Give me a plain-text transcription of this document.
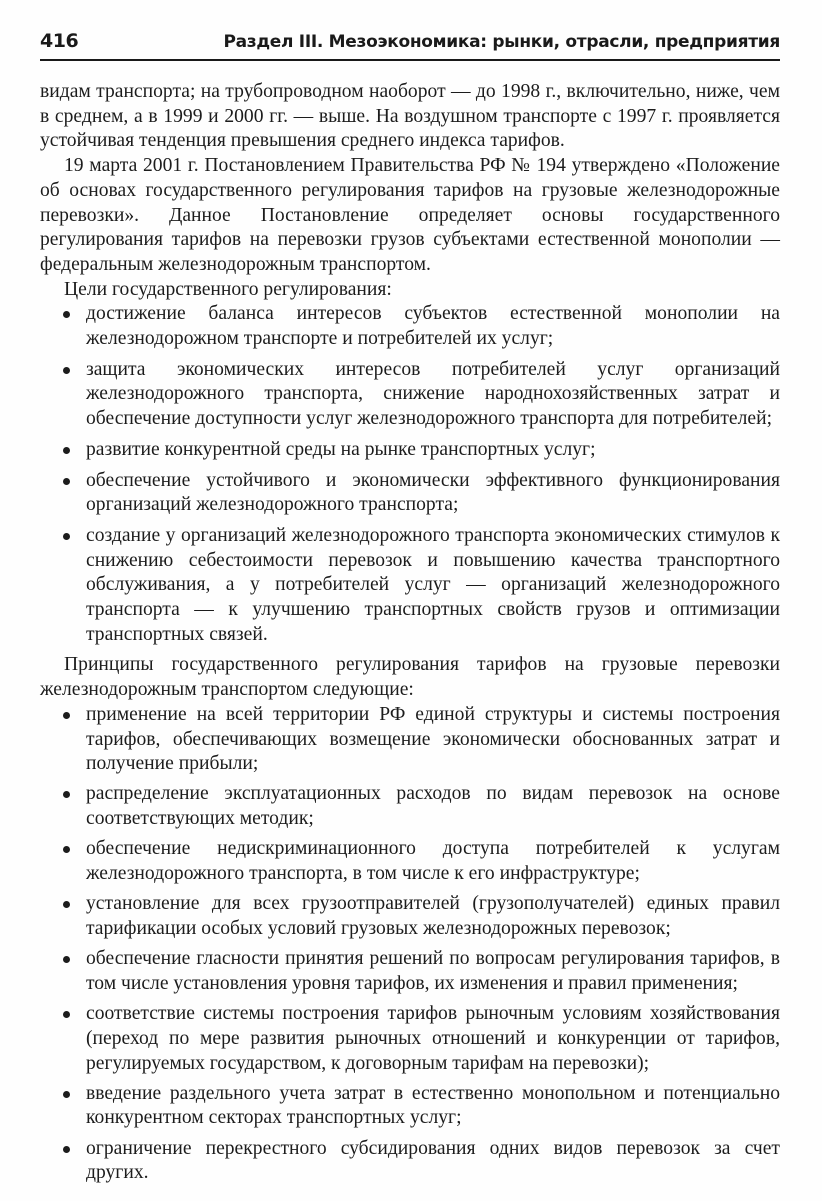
416	Раздел III. Мезоэкономика: рынки, отрасли, предприятия

видам транспорта; на трубопроводном наоборот — до 1998 г., включительно, ниже, чем в среднем, а в 1999 и 2000 гг. — выше. На воздушном транспорте с 1997 г. проявляется устойчивая тенденция превышения среднего индекса тарифов.

19 марта 2001 г. Постановлением Правительства РФ № 194 утверждено «Положение об основах государственного регулирования тарифов на грузовые железнодорожные перевозки». Данное Постановление определяет основы государственного регулирования тарифов на перевозки грузов субъектами естественной монополии — федеральным железнодорожным транспортом.

Цели государственного регулирования:

достижение баланса интересов субъектов естественной монополии на железнодорожном транспорте и потребителей их услуг;
защита экономических интересов потребителей услуг организаций железнодорожного транспорта, снижение народнохозяйственных затрат и обеспечение доступности услуг железнодорожного транспорта для потребителей;
развитие конкурентной среды на рынке транспортных услуг;
обеспечение устойчивого и экономически эффективного функционирования организаций железнодорожного транспорта;
создание у организаций железнодорожного транспорта экономических стимулов к снижению себестоимости перевозок и повышению качества транспортного обслуживания, а у потребителей услуг — организаций железнодорожного транспорта — к улучшению транспортных свойств грузов и оптимизации транспортных связей.

Принципы государственного регулирования тарифов на грузовые перевозки железнодорожным транспортом следующие:

применение на всей территории РФ единой структуры и системы построения тарифов, обеспечивающих возмещение экономически обоснованных затрат и получение прибыли;
распределение эксплуатационных расходов по видам перевозок на основе соответствующих методик;
обеспечение недискриминационного доступа потребителей к услугам железнодорожного транспорта, в том числе к его инфраструктуре;
установление для всех грузоотправителей (грузополучателей) единых правил тарификации особых условий грузовых железнодорожных перевозок;
обеспечение гласности принятия решений по вопросам регулирования тарифов, в том числе установления уровня тарифов, их изменения и правил применения;
соответствие системы построения тарифов рыночным условиям хозяйствования (переход по мере развития рыночных отношений и конкуренции от тарифов, регулируемых государством, к договорным тарифам на перевозки);
введение раздельного учета затрат в естественно монопольном и потенциально конкурентном секторах транспортных услуг;
ограничение перекрестного субсидирования одних видов перевозок за счет других.
